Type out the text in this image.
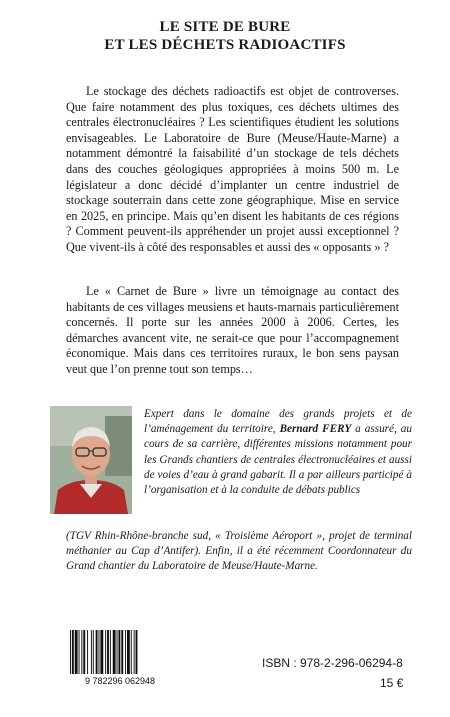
LE SITE DE BURE
ET LES DÉCHETS RADIOACTIFS

Le stockage des déchets radioactifs est objet de controverses. Que faire notamment des plus toxiques, ces déchets ultimes des centrales électronucléaires ? Les scientifiques étudient les solutions envisageables. Le Laboratoire de Bure (Meuse/Haute-Marne) a notamment démontré la faisabilité d’un stockage de tels déchets dans des couches géologiques appropriées à moins 500 m. Le législateur a donc décidé d’implanter un centre industriel de stockage souterrain dans cette zone géographique. Mise en service en 2025, en principe. Mais qu’en disent les habitants de ces régions ? Comment peuvent-ils appréhender un projet aussi exceptionnel ? Que vivent-ils à côté des responsables et aussi des « opposants » ?

Le « Carnet de Bure » livre un témoignage au contact des habitants de ces villages meusiens et hauts-marnais particulièrement concernés. Il porte sur les années 2000 à 2006. Certes, les démarches avancent vite, ne serait-ce que pour l’accompagnement économique. Mais dans ces territoires ruraux, le bon sens paysan veut que l’on prenne tout son temps…

Expert dans le domaine des grands projets et de l’aménagement du territoire, Bernard FERY a assuré, au cours de sa carrière, différentes missions notamment pour les Grands chantiers de centrales électronucléaires et aussi de voies d’eau à grand gabarit. Il a par ailleurs participé à l’organisation et à la conduite de débats publics

(TGV Rhin-Rhône-branche sud, « Troisième Aéroport », projet de terminal méthanier au Cap d’Antifer). Enfin, il a été récemment Coordonnateur du Grand chantier du Laboratoire de Meuse/Haute-Marne.

9 782296 062948
ISBN : 978-2-296-06294-8
15 €
